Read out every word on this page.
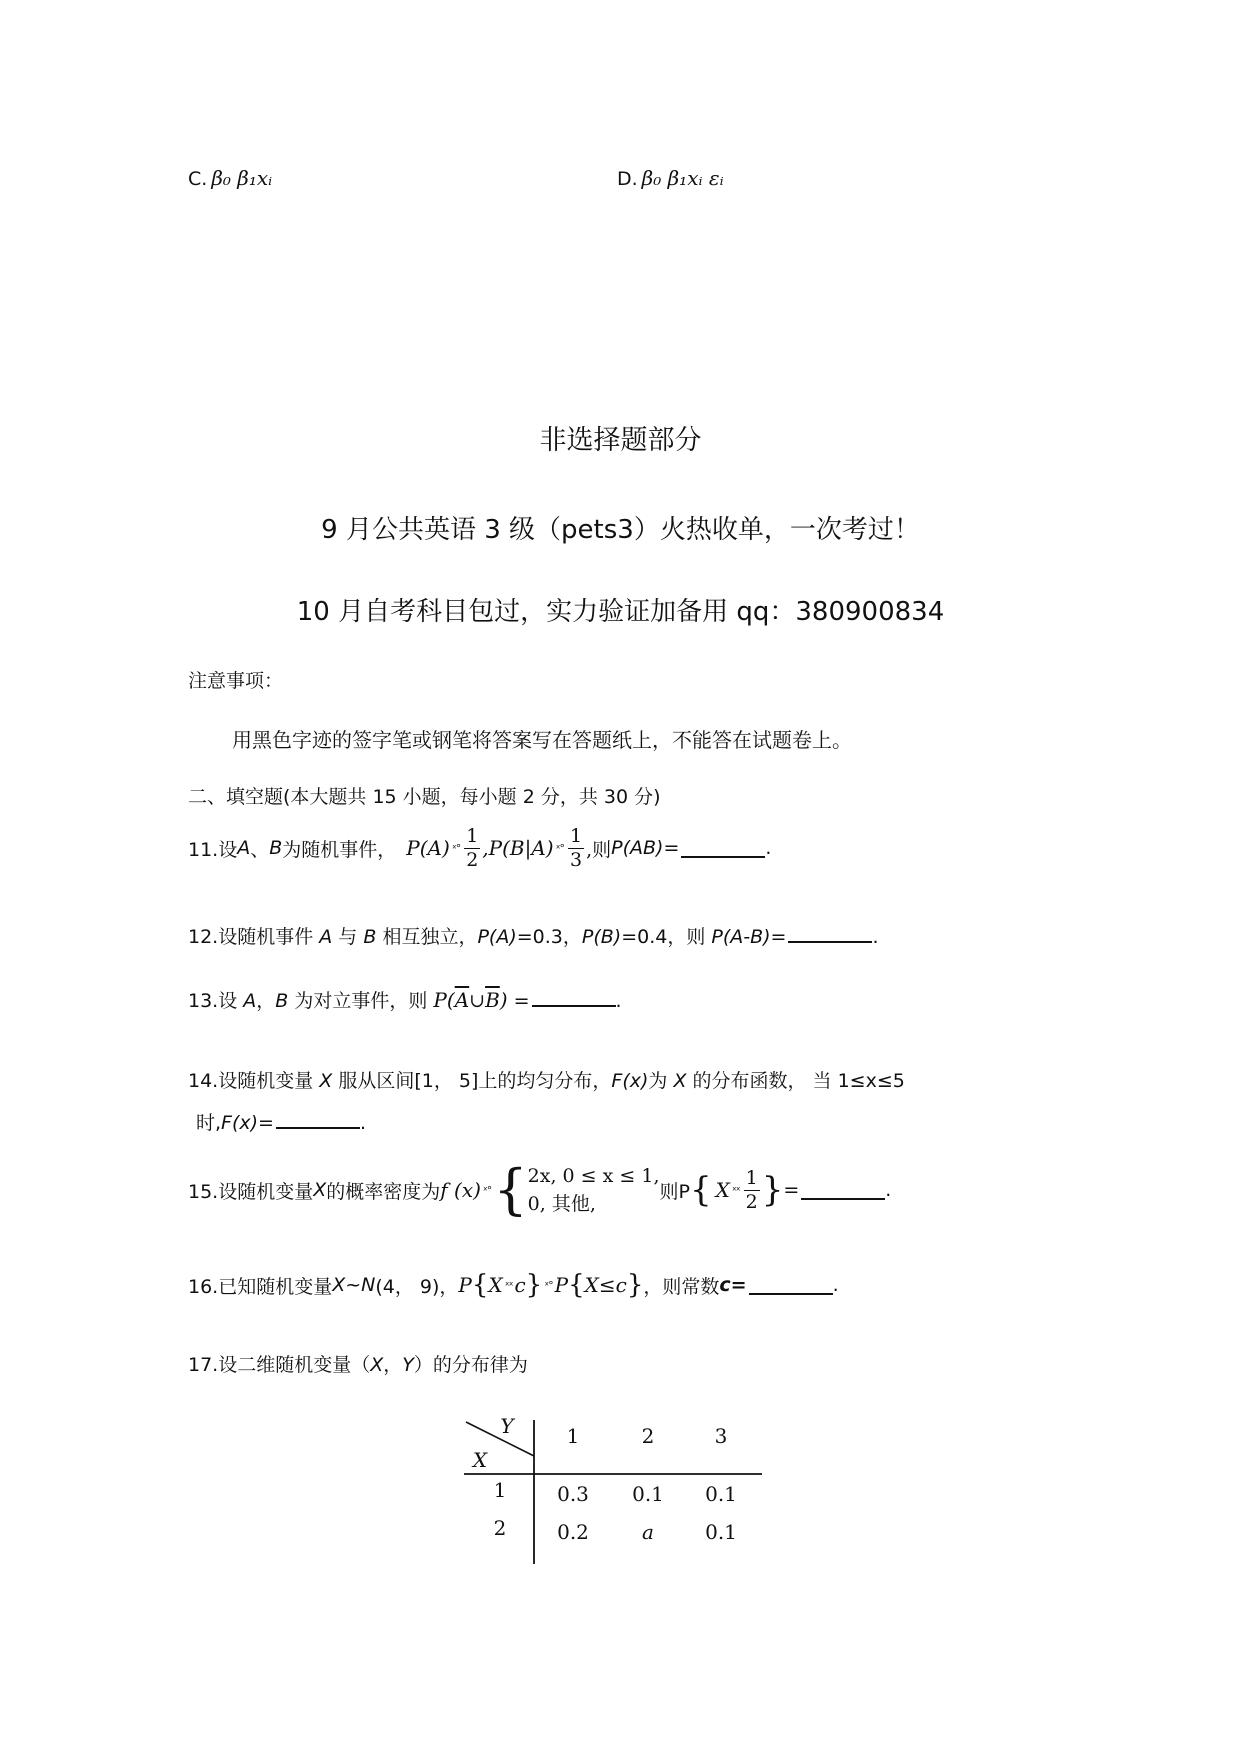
C. β₀ β₁xᵢ	D. β₀ β₁xᵢ εᵢ
非选择题部分
9 月公共英语 3 级（pets3）火热收单，一次考过！
10 月自考科目包过，实力验证加备用 qq：380900834
注意事项：
用黑色字迹的签字笔或钢笔将答案写在答题纸上，不能答在试题卷上。
二、填空题(本大题共 15 小题，每小题 2 分，共 30 分)
11.设 A 、 B 为随机事件， P(A) ˣ° $\frac{1}{2} ,P(B|A)$ ˣ° $\frac{1}{3}$ ,则 P(AB)=	.
12.设随机事件 A 与 B 相互独立，P(A)=0.3，P(B)=0.4，则 P(A-B)=	.
13.设 A，B 为对立事件，则 $P(\overline{A}\cup\overline{B})$ =	.
14.设随机变量 X 服从区间[1， 5]上的均匀分布，F(x)为 X 的分布函数， 当 1≤x≤5
时,F(x)=	.
15.设随机变量 X 的概率密度为 f (x) ˣ° { 2x, 0 ≤ x ≤ 1,
0, 其他,
则P { X ˣˣ $\frac{1}{2}$ } =	.
16.已知随机变量 X~N (4， 9)， P { X ˣˣ c } ˣ° P { X≤c } ，则常数 c=	.
17.设二维随机变量（X，Y）的分布律为
Y
X
1	2	3
1	0.3	0.1	0.1
2	0.2	a	0.1
